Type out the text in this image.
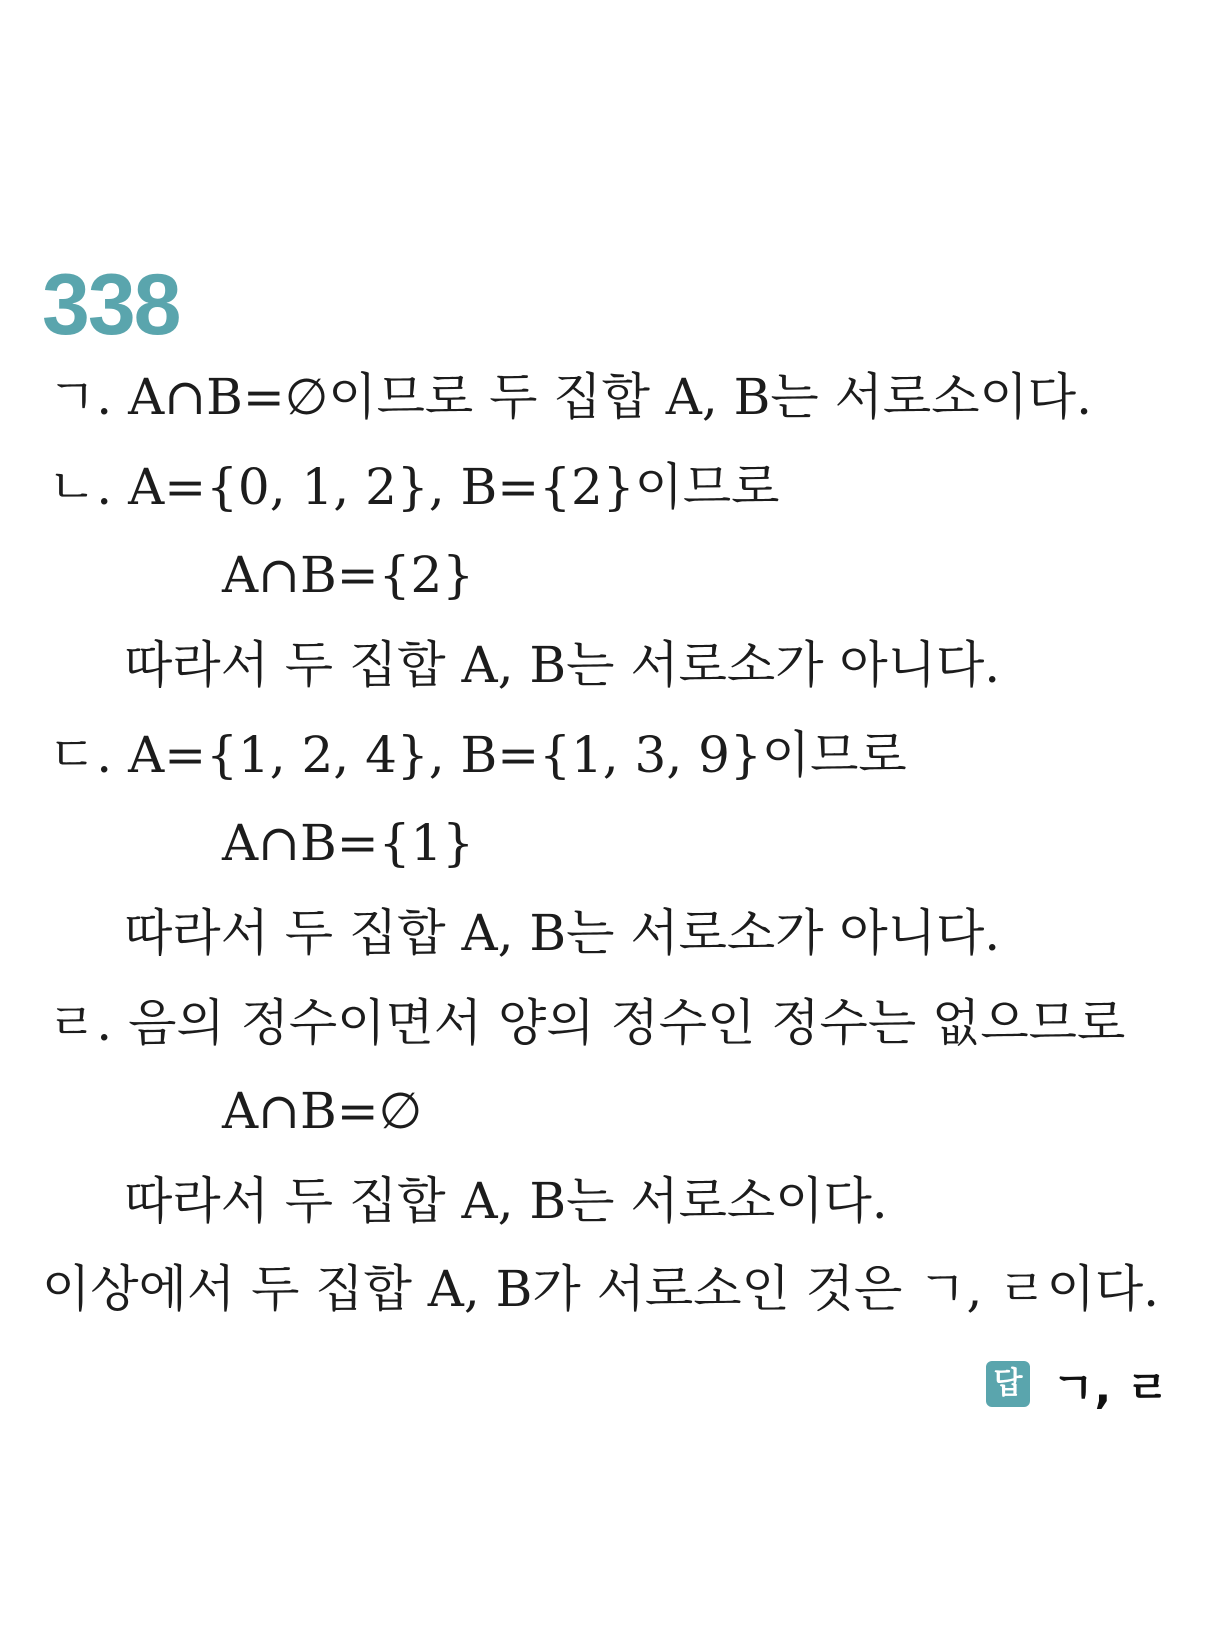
338
ㄱ. A∩B=∅이므로 두 집합 A, B는 서로소이다.
ㄴ. A={0, 1, 2}, B={2}이므로
A∩B={2}
따라서 두 집합 A, B는 서로소가 아니다.
ㄷ. A={1, 2, 4}, B={1, 3, 9}이므로
A∩B={1}
따라서 두 집합 A, B는 서로소가 아니다.
ㄹ. 음의 정수이면서 양의 정수인 정수는 없으므로
A∩B=∅
따라서 두 집합 A, B는 서로소이다.
이상에서 두 집합 A, B가 서로소인 것은 ㄱ, ㄹ이다.
답 ㄱ, ㄹ
